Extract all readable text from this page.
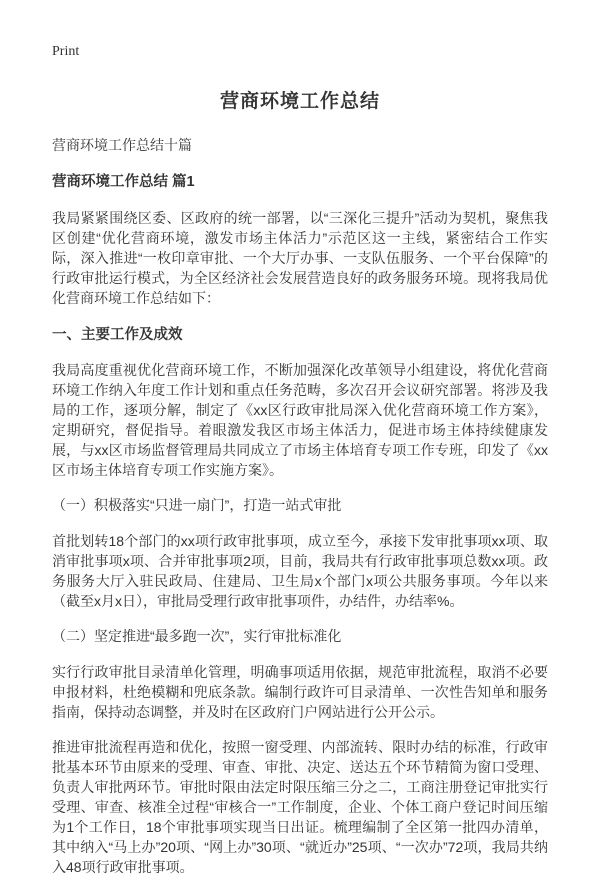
Print
营商环境工作总结
营商环境工作总结十篇
营商环境工作总结 篇1

我局紧紧围绕区委、区政府的统一部署，以“三深化三提升”活动为契机，聚焦我区创建“优化营商环境，激发市场主体活力”示范区这一主线，紧密结合工作实际，深入推进“一枚印章审批、一个大厅办事、一支队伍服务、一个平台保障”的行政审批运行模式，为全区经济社会发展营造良好的政务服务环境。现将我局优化营商环境工作总结如下：

一、主要工作及成效

我局高度重视优化营商环境工作，不断加强深化改革领导小组建设，将优化营商环境工作纳入年度工作计划和重点任务范畴，多次召开会议研究部署。将涉及我局的工作，逐项分解，制定了《xx区行政审批局深入优化营商环境工作方案》，定期研究，督促指导。着眼激发我区市场主体活力，促进市场主体持续健康发展，与xx区市场监督管理局共同成立了市场主体培育专项工作专班，印发了《xx区市场主体培育专项工作实施方案》。

（一）积极落实“只进一扇门”，打造一站式审批

首批划转18个部门的xx项行政审批事项，成立至今，承接下发审批事项xx项、取消审批事项x项、合并审批事项2项，目前，我局共有行政审批事项总数xx项。政务服务大厅入驻民政局、住建局、卫生局x个部门x项公共服务事项。今年以来（截至x月x日），审批局受理行政审批事项件，办结件，办结率%。

（二）坚定推进“最多跑一次”，实行审批标准化

实行行政审批目录清单化管理，明确事项适用依据，规范审批流程，取消不必要申报材料，杜绝模糊和兜底条款。编制行政许可目录清单、一次性告知单和服务指南，保持动态调整，并及时在区政府门户网站进行公开公示。

推进审批流程再造和优化，按照一窗受理、内部流转、限时办结的标准，行政审批基本环节由原来的受理、审查、审批、决定、送达五个环节精简为窗口受理、负责人审批两环节。审批时限由法定时限压缩三分之二，工商注册登记审批实行受理、审查、核准全过程“审核合一”工作制度，企业、个体工商户登记时间压缩为1个工作日，18个审批事项实现当日出证。梳理编制了全区第一批四办清单，其中纳入“马上办”20项、“网上办”30项、“就近办”25项、“一次办”72项，我局共纳入48项行政审批事项。
